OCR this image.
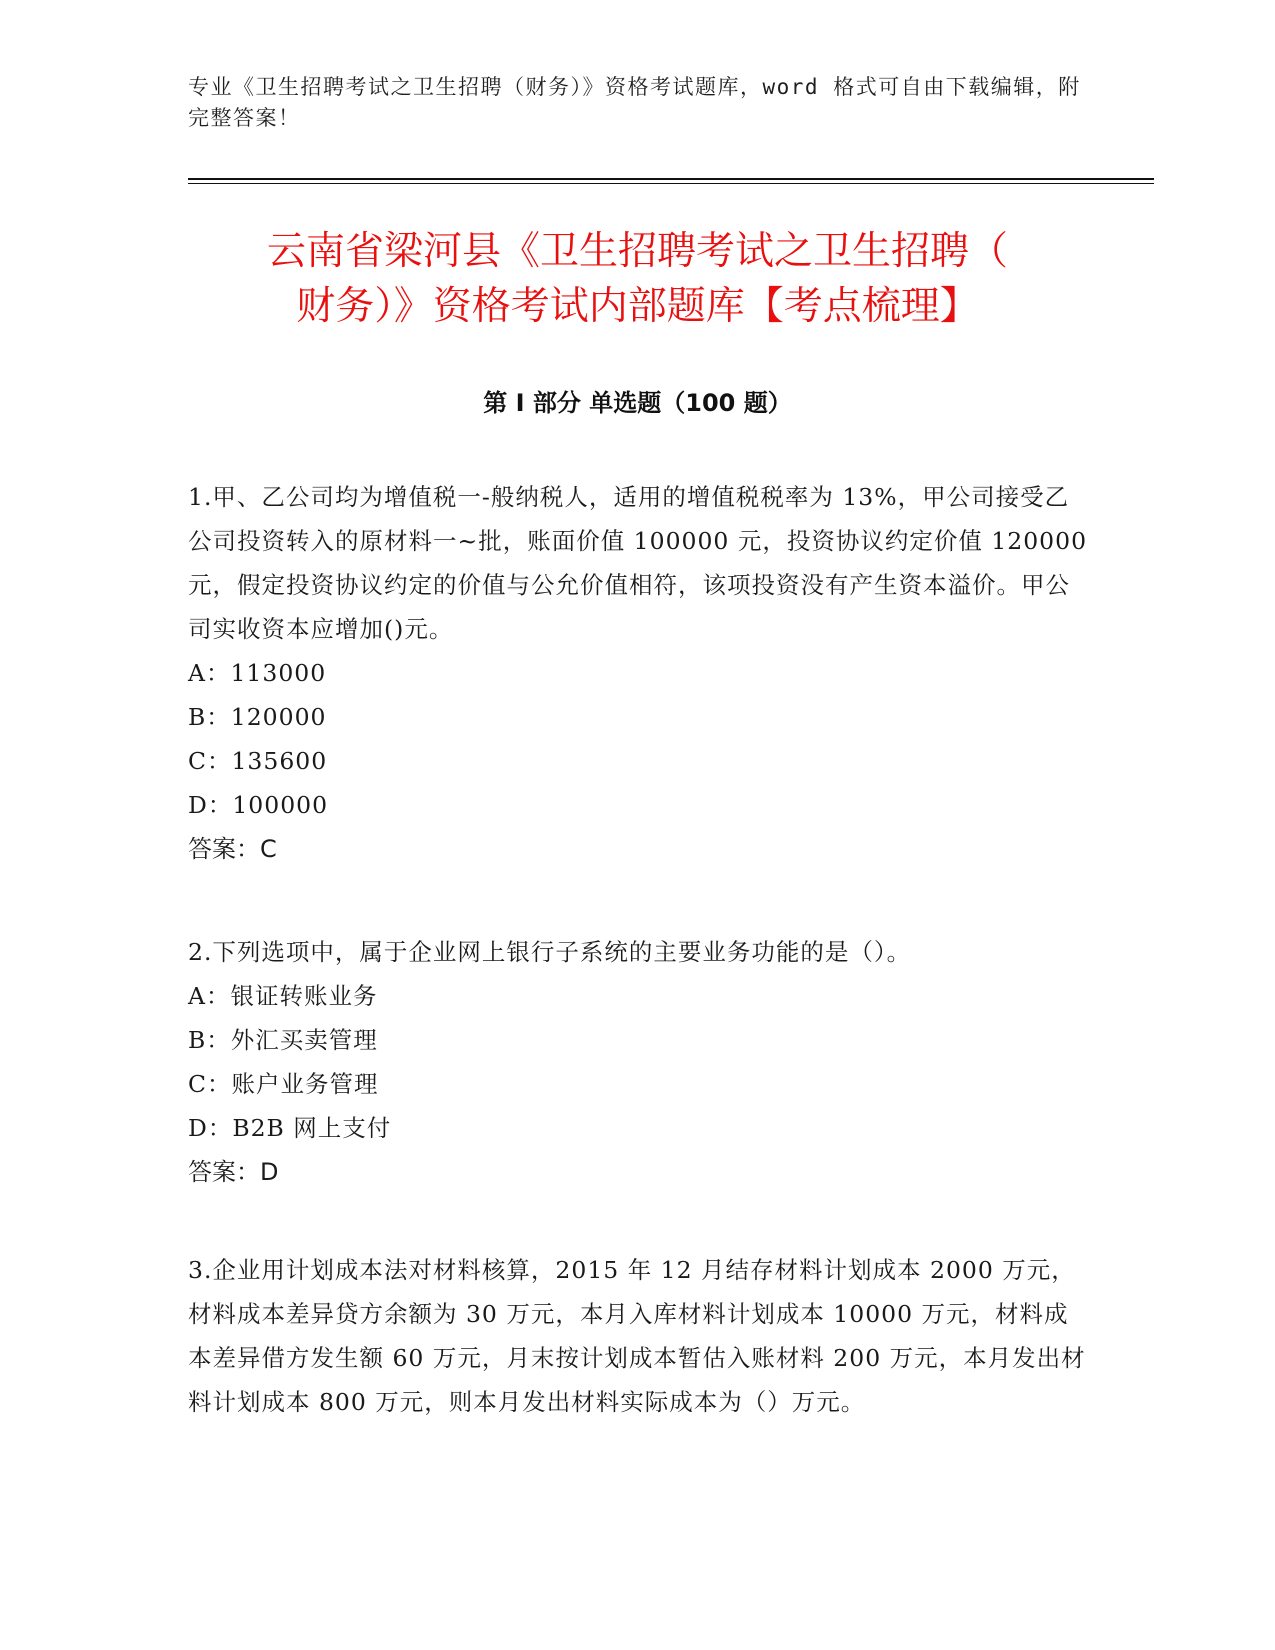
专业《卫生招聘考试之卫生招聘（财务）》资格考试题库，word 格式可自由下载编辑，附完整答案！
云南省梁河县《卫生招聘考试之卫生招聘（
财务）》资格考试内部题库【考点梳理】
第 I 部分 单选题（100 题）

1.甲、乙公司均为增值税一-般纳税人，适用的增值税税率为 13%，甲公司接受乙公司投资转入的原材料一~批，账面价值 100000 元，投资协议约定价值 120000 元，假定投资协议约定的价值与公允价值相符，该项投资没有产生资本溢价。甲公司实收资本应增加()元。

A：113000

B：120000

C：135600

D：100000

答案：C

2.下列选项中，属于企业网上银行子系统的主要业务功能的是（）。

A：银证转账业务

B：外汇买卖管理

C：账户业务管理

D：B2B 网上支付

答案：D

3.企业用计划成本法对材料核算，2015 年 12 月结存材料计划成本 2000 万元，材料成本差异贷方余额为 30 万元，本月入库材料计划成本 10000 万元，材料成本差异借方发生额 60 万元，月末按计划成本暂估入账材料 200 万元，本月发出材料计划成本 800 万元，则本月发出材料实际成本为（）万元。
